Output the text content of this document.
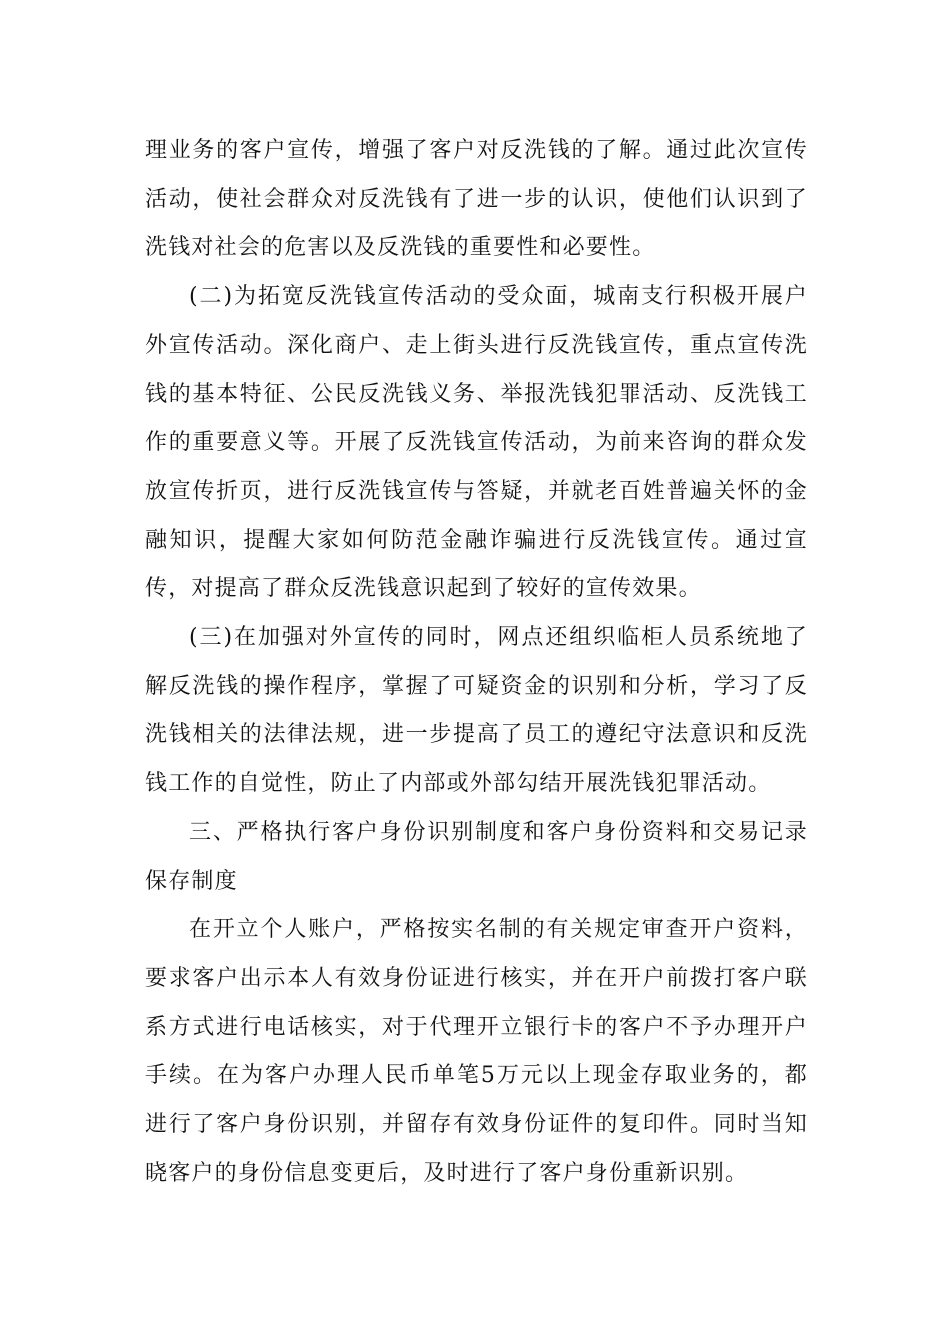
理业务的客户宣传，增强了客户对反洗钱的了解。通过此次宣传活动，使社会群众对反洗钱有了进一步的认识，使他们认识到了洗钱对社会的危害以及反洗钱的重要性和必要性。

(二)为拓宽反洗钱宣传活动的受众面，城南支行积极开展户外宣传活动。深化商户、走上街头进行反洗钱宣传，重点宣传洗钱的基本特征、公民反洗钱义务、举报洗钱犯罪活动、反洗钱工作的重要意义等。开展了反洗钱宣传活动，为前来咨询的群众发放宣传折页，进行反洗钱宣传与答疑，并就老百姓普遍关怀的金融知识，提醒大家如何防范金融诈骗进行反洗钱宣传。通过宣传，对提高了群众反洗钱意识起到了较好的宣传效果。

(三)在加强对外宣传的同时，网点还组织临柜人员系统地了解反洗钱的操作程序，掌握了可疑资金的识别和分析，学习了反洗钱相关的法律法规，进一步提高了员工的遵纪守法意识和反洗钱工作的自觉性，防止了内部或外部勾结开展洗钱犯罪活动。

三、严格执行客户身份识别制度和客户身份资料和交易记录保存制度

在开立个人账户，严格按实名制的有关规定审查开户资料，要求客户出示本人有效身份证进行核实，并在开户前拨打客户联系方式进行电话核实，对于代理开立银行卡的客户不予办理开户手续。在为客户办理人民币单笔5万元以上现金存取业务的，都进行了客户身份识别，并留存有效身份证件的复印件。同时当知晓客户的身份信息变更后，及时进行了客户身份重新识别。
